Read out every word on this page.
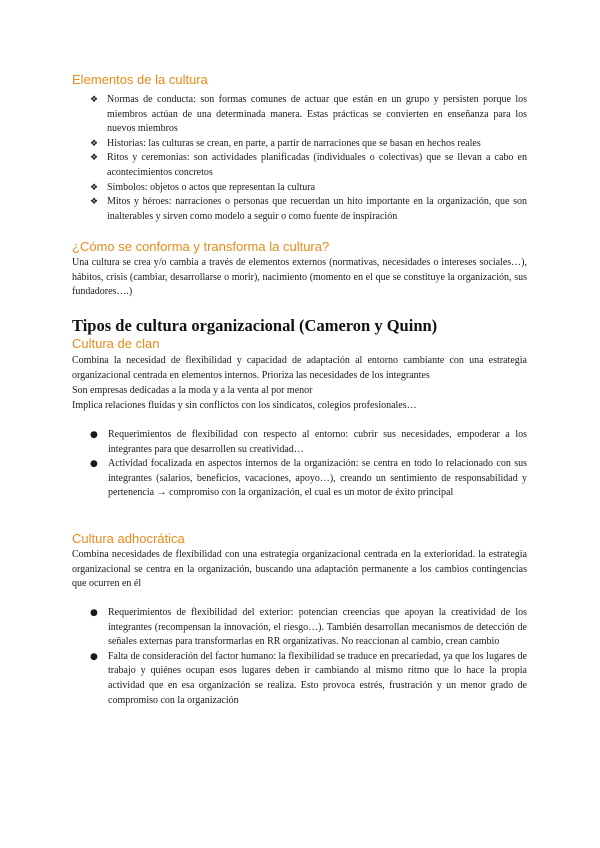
Elementos de la cultura
❖ Normas de conducta: son formas comunes de actuar que están en un grupo y persisten porque los miembros actúan de una determinada manera. Estas prácticas se convierten en enseñanza para los nuevos miembros
❖ Historias: las culturas se crean, en parte, a partir de narraciones que se basan en hechos reales
❖ Ritos y ceremonias: son actividades planificadas (individuales o colectivas) que se llevan a cabo en acontecimientos concretos
❖ Símbolos: objetos o actos que representan la cultura
❖ Mitos y héroes: narraciones o personas que recuerdan un hito importante en la organización, que son inalterables y sirven como modelo a seguir o como fuente de inspiración
¿Cómo se conforma y transforma la cultura?

Una cultura se crea y/o cambia a través de elementos externos (normativas, necesidades o intereses sociales…), hábitos, crisis (cambiar, desarrollarse o morir), nacimiento (momento en el que se constituye la organización, sus fundadores….)

Tipos de cultura organizacional (Cameron y Quinn)
Cultura de clan

Combina la necesidad de flexibilidad y capacidad de adaptación al entorno cambiante con una estrategia organizacional centrada en elementos internos. Prioriza las necesidades de los integrantes

Son empresas dedicadas a la moda y a la venta al por menor

Implica relaciones fluidas y sin conflictos con los sindicatos, colegios profesionales…

● Requerimientos de flexibilidad con respecto al entorno: cubrir sus necesidades, empoderar a los integrantes para que desarrollen su creatividad…
● Actividad focalizada en aspectos internos de la organización: se centra en todo lo relacionado con sus integrantes (salarios, beneficios, vacaciones, apoyo…), creando un sentimiento de responsabilidad y pertenencia → compromiso con la organización, el cual es un motor de éxito principal
Cultura adhocrática

Combina necesidades de flexibilidad con una estrategia organizacional centrada en la exterioridad. la estrategia organizacional se centra en la organización, buscando una adaptación permanente a los cambios contingencias que ocurren en él

● Requerimientos de flexibilidad del exterior: potencian creencias que apoyan la creatividad de los integrantes (recompensan la innovación, el riesgo…). También desarrollan mecanismos de detección de señales externas para transformarlas en RR organizativas. No reaccionan al cambio, crean cambio
● Falta de consideración del factor humano: la flexibilidad se traduce en precariedad, ya que los lugares de trabajo y quiénes ocupan esos lugares deben ir cambiando al mismo ritmo que lo hace la propia actividad que en esa organización se realiza. Esto provoca estrés, frustración y un menor grado de compromiso con la organización
